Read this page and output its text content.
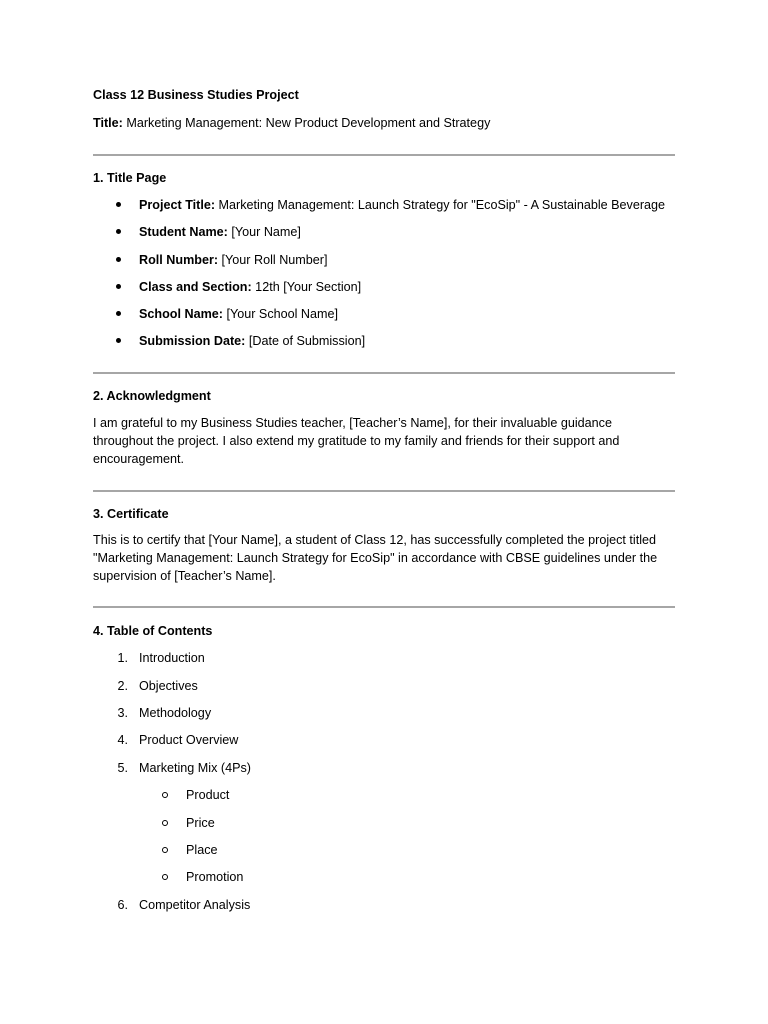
Class 12 Business Studies Project
Title: Marketing Management: New Product Development and Strategy
1. Title Page
Project Title: Marketing Management: Launch Strategy for "EcoSip" - A Sustainable Beverage
Student Name: [Your Name]
Roll Number: [Your Roll Number]
Class and Section: 12th [Your Section]
School Name: [Your School Name]
Submission Date: [Date of Submission]
2. Acknowledgment
I am grateful to my Business Studies teacher, [Teacher’s Name], for their invaluable guidance
throughout the project. I also extend my gratitude to my family and friends for their support and
encouragement.
3. Certificate
This is to certify that [Your Name], a student of Class 12, has successfully completed the project titled
"Marketing Management: Launch Strategy for EcoSip" in accordance with CBSE guidelines under the
supervision of [Teacher’s Name].
4. Table of Contents
1. Introduction
2. Objectives
3. Methodology
4. Product Overview
5. Marketing Mix (4Ps)
Product
Price
Place
Promotion
6. Competitor Analysis
